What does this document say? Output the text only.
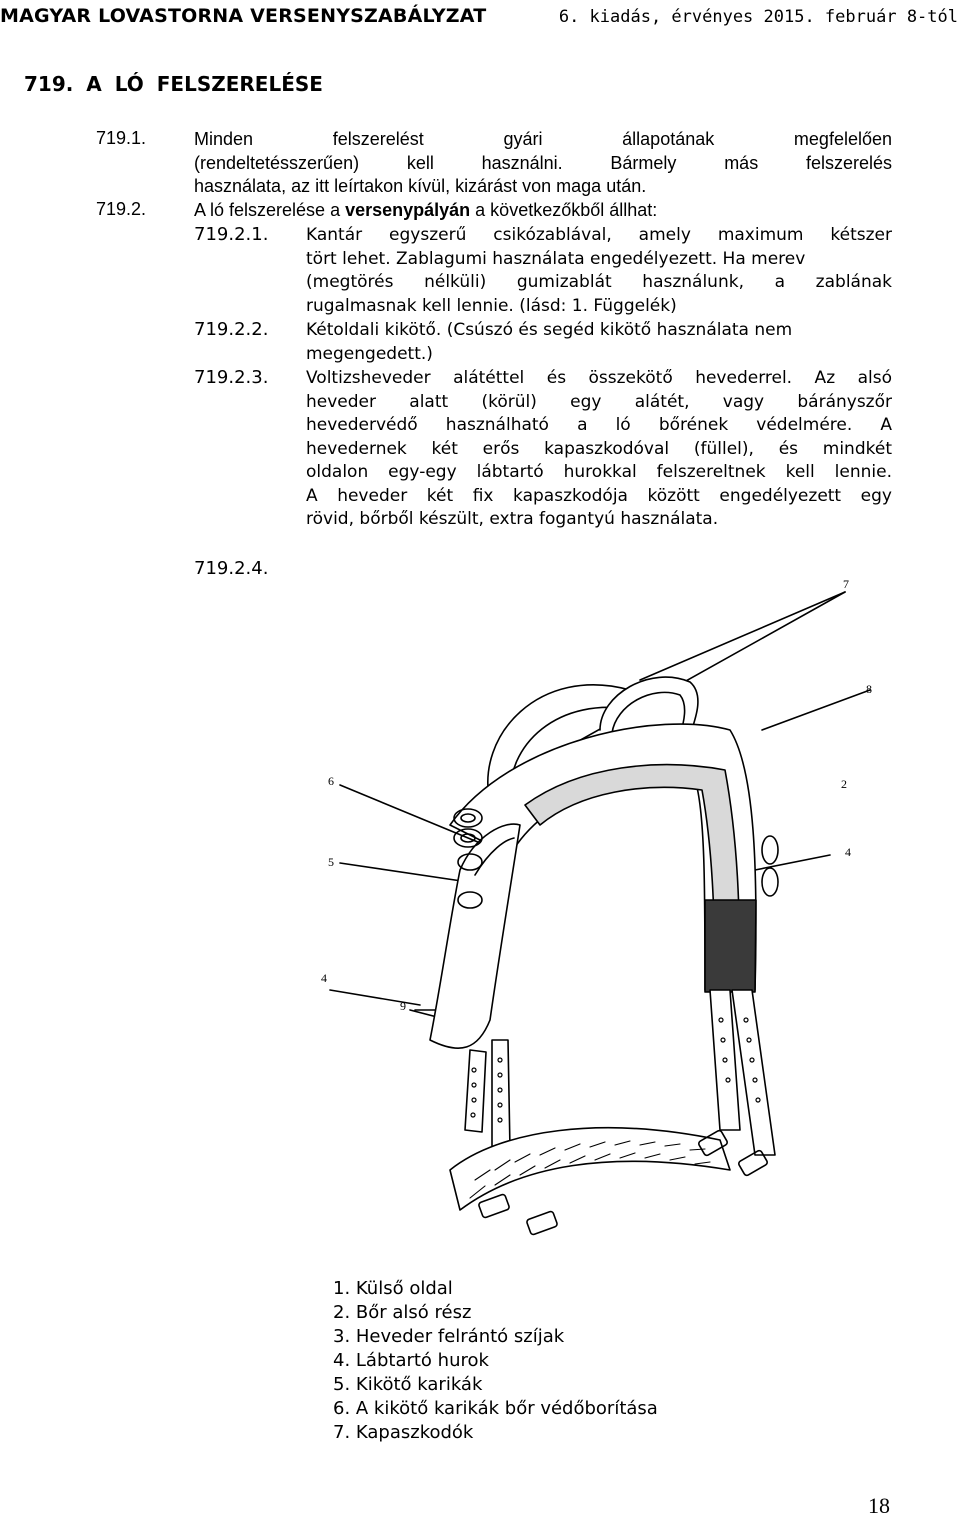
MAGYAR LOVASTORNA VERSENYSZABÁLYZAT	6. kiadás, érvényes 2015. február 8-tól
719. A LÓ FELSZERELÉSE
719.1.	Minden felszerelést gyári állapotának megfelelően
(rendeltetésszerűen) kell használni. Bármely más felszerelés
használata, az itt leírtakon kívül, kizárást von maga után.
719.2.	A ló felszerelése a versenypályán a következőkből állhat:
719.2.1. Kantár egyszerű csikózablával, amely maximum kétszer
tört lehet. Zablagumi használata engedélyezett. Ha merev
(megtörés nélküli) gumizablát használunk, a zablának
rugalmasnak kell lennie. (lásd: 1. Függelék)
719.2.2. Kétoldali kikötő. (Csúszó és segéd kikötő használata nem
megengedett.)
719.2.3. Voltizsheveder alátéttel és összekötő hevederrel. Az alsó
heveder alatt (körül) egy alátét, vagy bárányszőr
hevedervédő használható a ló bőrének védelmére. A
hevedernek két erős kapaszkodóval (füllel), és mindkét
oldalon egy-egy lábtartó hurokkal felszereltnek kell lennie.
A heveder két fix kapaszkodója között engedélyezett egy
rövid, bőrből készült, extra fogantyú használata.
719.2.4.
7
8
6	2
5
4
4
9
1. Külső oldal
2. Bőr alsó rész
3. Heveder felrántó szíjak
4. Lábtartó hurok
5. Kikötő karikák
6. A kikötő karikák bőr védőborítása
7. Kapaszkodók
18
